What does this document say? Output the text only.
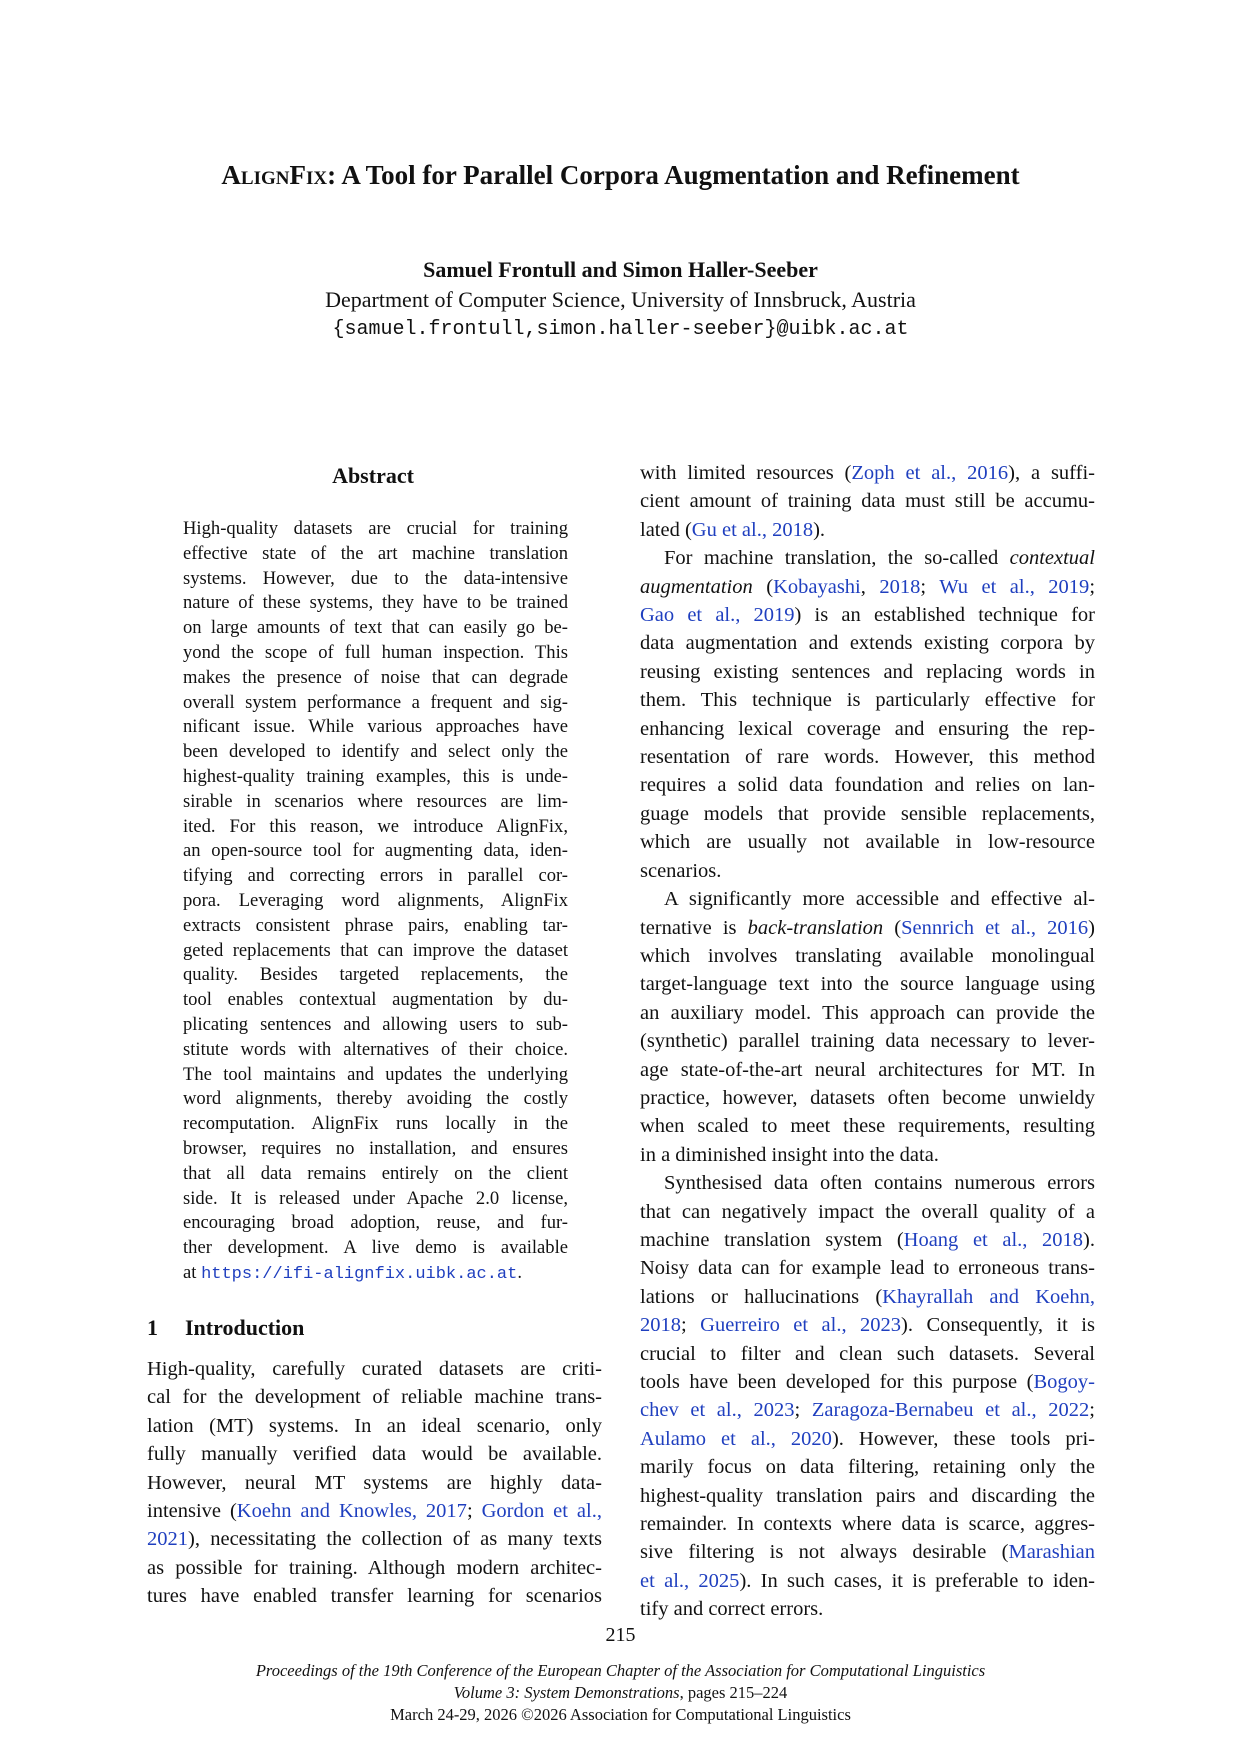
AlignFix: A Tool for Parallel Corpora Augmentation and Refinement
Samuel Frontull and Simon Haller-Seeber
Department of Computer Science, University of Innsbruck, Austria
{samuel.frontull,simon.haller-seeber}@uibk.ac.at
Abstract
High-quality datasets are crucial for training
effective state of the art machine translation
systems. However, due to the data-intensive
nature of these systems, they have to be trained
on large amounts of text that can easily go be-
yond the scope of full human inspection. This
makes the presence of noise that can degrade
overall system performance a frequent and sig-
nificant issue. While various approaches have
been developed to identify and select only the
highest-quality training examples, this is unde-
sirable in scenarios where resources are lim-
ited. For this reason, we introduce AlignFix,
an open-source tool for augmenting data, iden-
tifying and correcting errors in parallel cor-
pora. Leveraging word alignments, AlignFix
extracts consistent phrase pairs, enabling tar-
geted replacements that can improve the dataset
quality. Besides targeted replacements, the
tool enables contextual augmentation by du-
plicating sentences and allowing users to sub-
stitute words with alternatives of their choice.
The tool maintains and updates the underlying
word alignments, thereby avoiding the costly
recomputation. AlignFix runs locally in the
browser, requires no installation, and ensures
that all data remains entirely on the client
side. It is released under Apache 2.0 license,
encouraging broad adoption, reuse, and fur-
ther development. A live demo is available
at https://ifi-alignfix.uibk.ac.at.
1 Introduction
High-quality, carefully curated datasets are criti-
cal for the development of reliable machine trans-
lation (MT) systems. In an ideal scenario, only
fully manually verified data would be available.
However, neural MT systems are highly data-
intensive (Koehn and Knowles, 2017; Gordon et al.,
2021), necessitating the collection of as many texts
as possible for training. Although modern architec-
tures have enabled transfer learning for scenarios
with limited resources (Zoph et al., 2016), a suffi-
cient amount of training data must still be accumu-
lated (Gu et al., 2018).
For machine translation, the so-called contextual
augmentation (Kobayashi, 2018; Wu et al., 2019;
Gao et al., 2019) is an established technique for
data augmentation and extends existing corpora by
reusing existing sentences and replacing words in
them. This technique is particularly effective for
enhancing lexical coverage and ensuring the rep-
resentation of rare words. However, this method
requires a solid data foundation and relies on lan-
guage models that provide sensible replacements,
which are usually not available in low-resource
scenarios.
A significantly more accessible and effective al-
ternative is back-translation (Sennrich et al., 2016)
which involves translating available monolingual
target-language text into the source language using
an auxiliary model. This approach can provide the
(synthetic) parallel training data necessary to lever-
age state-of-the-art neural architectures for MT. In
practice, however, datasets often become unwieldy
when scaled to meet these requirements, resulting
in a diminished insight into the data.
Synthesised data often contains numerous errors
that can negatively impact the overall quality of a
machine translation system (Hoang et al., 2018).
Noisy data can for example lead to erroneous trans-
lations or hallucinations (Khayrallah and Koehn,
2018; Guerreiro et al., 2023). Consequently, it is
crucial to filter and clean such datasets. Several
tools have been developed for this purpose (Bogoy-
chev et al., 2023; Zaragoza-Bernabeu et al., 2022;
Aulamo et al., 2020). However, these tools pri-
marily focus on data filtering, retaining only the
highest-quality translation pairs and discarding the
remainder. In contexts where data is scarce, aggres-
sive filtering is not always desirable (Marashian
et al., 2025). In such cases, it is preferable to iden-
tify and correct errors.
215
Proceedings of the 19th Conference of the European Chapter of the Association for Computational Linguistics
Volume 3: System Demonstrations, pages 215–224
March 24-29, 2026 ©2026 Association for Computational Linguistics
